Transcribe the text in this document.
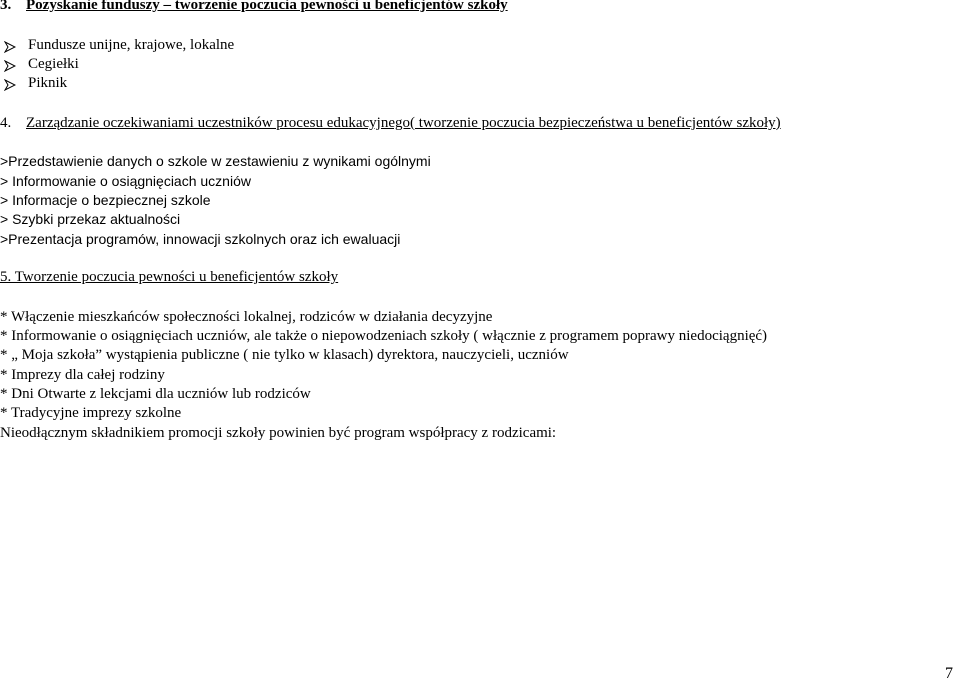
3. Pozyskanie funduszy – tworzenie poczucia pewności u beneficjentów szkoły
Fundusze unijne, krajowe, lokalne
Cegiełki
Piknik
4. Zarządzanie oczekiwaniami uczestników procesu edukacyjnego( tworzenie poczucia bezpieczeństwa u beneficjentów szkoły)
>Przedstawienie danych o szkole w zestawieniu z wynikami ogólnymi
> Informowanie o osiągnięciach uczniów
> Informacje o bezpiecznej szkole
> Szybki przekaz aktualności
>Prezentacja programów, innowacji szkolnych oraz ich ewaluacji
5. Tworzenie poczucia pewności u beneficjentów szkoły
* Włączenie mieszkańców społeczności lokalnej, rodziców w działania decyzyjne
* Informowanie o osiągnięciach uczniów, ale także o niepowodzeniach szkoły ( włącznie z programem poprawy niedociągnięć)
* „ Moja szkoła” wystąpienia publiczne ( nie tylko w klasach) dyrektora, nauczycieli, uczniów
* Imprezy dla całej rodziny
* Dni Otwarte z lekcjami dla uczniów lub rodziców
* Tradycyjne imprezy szkolne
Nieodłącznym składnikiem promocji szkoły powinien być program współpracy z rodzicami:
7
